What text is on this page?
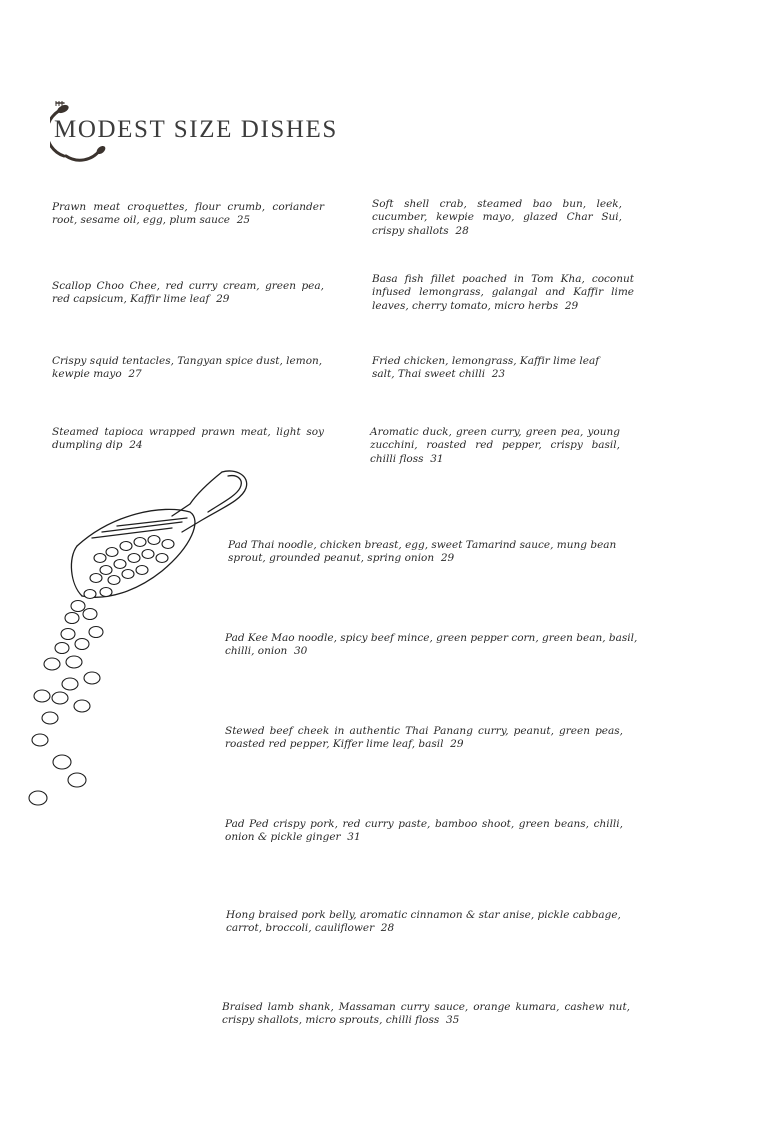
MODEST SIZE DISHES

Prawn meat croquettes, flour crumb, coriander root, sesame oil, egg, plum sauce 25

Soft shell crab, steamed bao bun, leek, cucumber, kewpie mayo, glazed Char Sui, crispy shallots 28

Scallop Choo Chee, red curry cream, green pea, red capsicum, Kaffir lime leaf 29

Basa fish fillet poached in Tom Kha, coconut infused lemongrass, galangal and Kaffir lime leaves, cherry tomato, micro herbs 29

Crispy squid tentacles, Tangyan spice dust, lemon, kewpie mayo 27

Fried chicken, lemongrass, Kaffir lime leaf salt, Thai sweet chilli 23

Steamed tapioca wrapped prawn meat, light soy dumpling dip 24

Aromatic duck, green curry, green pea, young zucchini, roasted red pepper, crispy basil, chilli floss 31

Pad Thai noodle, chicken breast, egg, sweet Tamarind sauce, mung bean sprout, grounded peanut, spring onion 29

Pad Kee Mao noodle, spicy beef mince, green pepper corn, green bean, basil, chilli, onion 30

Stewed beef cheek in authentic Thai Panang curry, peanut, green peas, roasted red pepper, Kiffer lime leaf, basil 29

Pad Ped crispy pork, red curry paste, bamboo shoot, green beans, chilli, onion & pickle ginger 31

Hong braised pork belly, aromatic cinnamon & star anise, pickle cabbage, carrot, broccoli, cauliflower 28

Braised lamb shank, Massaman curry sauce, orange kumara, cashew nut, crispy shallots, micro sprouts, chilli floss 35
